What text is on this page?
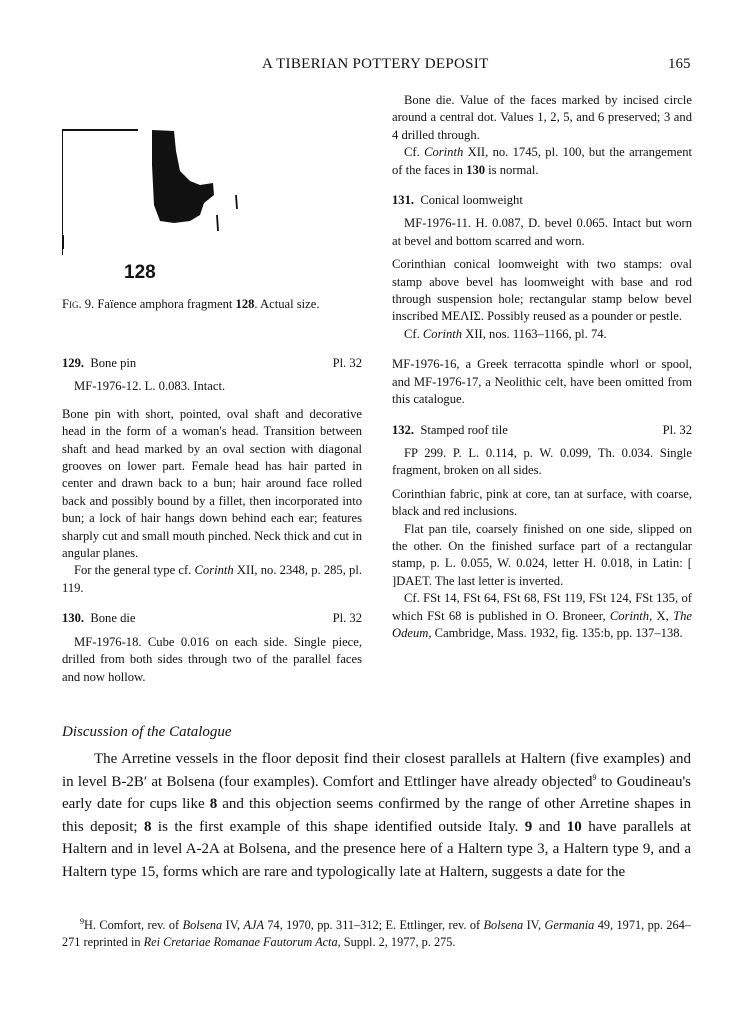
A TIBERIAN POTTERY DEPOSIT	165
128
Fig. 9. Faïence amphora fragment 128. Actual size.
129. Bone pin	Pl. 32

MF-1976-12. L. 0.083. Intact.

Bone pin with short, pointed, oval shaft and decorative head in the form of a woman's head. Transition between shaft and head marked by an oval section with diagonal grooves on lower part. Female head has hair parted in center and drawn back to a bun; hair around face rolled back and possibly bound by a fillet, then incorporated into bun; a lock of hair hangs down behind each ear; features sharply cut and small mouth pinched. Neck thick and cut in angular planes.

For the general type cf. Corinth XII, no. 2348, p. 285, pl. 119.

130. Bone die	Pl. 32

MF-1976-18. Cube 0.016 on each side. Single piece, drilled from both sides through two of the parallel faces and now hollow.

Bone die. Value of the faces marked by incised circle around a central dot. Values 1, 2, 5, and 6 preserved; 3 and 4 drilled through.

Cf. Corinth XII, no. 1745, pl. 100, but the arrangement of the faces in 130 is normal.

131. Conical loomweight

MF-1976-11. H. 0.087, D. bevel 0.065. Intact but worn at bevel and bottom scarred and worn.

Corinthian conical loomweight with two stamps: oval stamp above bevel has loomweight with base and rod through suspension hole; rectangular stamp below bevel inscribed ΜΕΛΙΣ. Possibly reused as a pounder or pestle.

Cf. Corinth XII, nos. 1163–1166, pl. 74.

MF-1976-16, a Greek terracotta spindle whorl or spool, and MF-1976-17, a Neolithic celt, have been omitted from this catalogue.

132. Stamped roof tile	Pl. 32

FP 299. P. L. 0.114, p. W. 0.099, Th. 0.034. Single fragment, broken on all sides.

Corinthian fabric, pink at core, tan at surface, with coarse, black and red inclusions.

Flat pan tile, coarsely finished on one side, slipped on the other. On the finished surface part of a rectangular stamp, p. L. 0.055, W. 0.024, letter H. 0.018, in Latin: [ ]DAET. The last letter is inverted.

Cf. FSt 14, FSt 64, FSt 68, FSt 119, FSt 124, FSt 135, of which FSt 68 is published in O. Broneer, Corinth, X, The Odeum, Cambridge, Mass. 1932, fig. 135:b, pp. 137–138.

Discussion of the Catalogue

The Arretine vessels in the floor deposit find their closest parallels at Haltern (five examples) and in level B-2B′ at Bolsena (four examples). Comfort and Ettlinger have already objected$^9$ to Goudineau's early date for cups like 8 and this objection seems confirmed by the range of other Arretine shapes in this deposit; 8 is the first example of this shape identified outside Italy. 9 and 10 have parallels at Haltern and in level A-2A at Bolsena, and the presence here of a Haltern type 3, a Haltern type 9, and a Haltern type 15, forms which are rare and typologically late at Haltern, suggests a date for the

$^9$H. Comfort, rev. of Bolsena IV, AJA 74, 1970, pp. 311–312; E. Ettlinger, rev. of Bolsena IV, Germania 49, 1971, pp. 264–271 reprinted in Rei Cretariae Romanae Fautorum Acta, Suppl. 2, 1977, p. 275.
